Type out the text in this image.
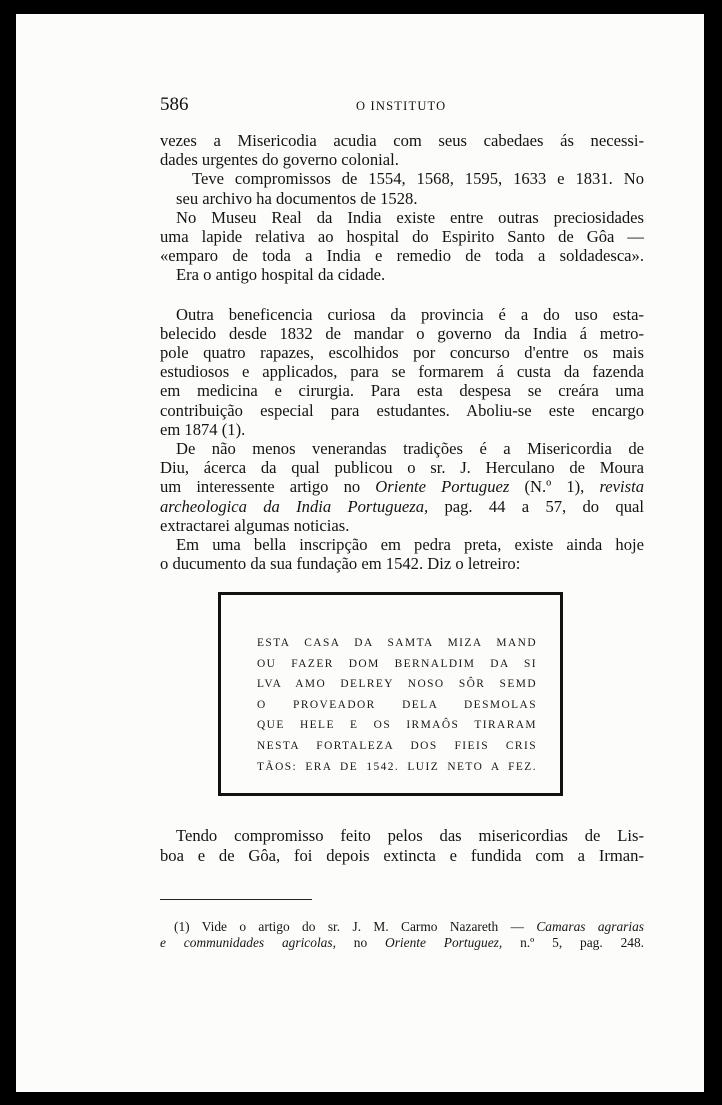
586	O INSTITUTO

vezes a Misericodia acudia com seus cabedaes ás necessi-
dades urgentes do governo colonial.

Teve compromissos de 1554, 1568, 1595, 1633 e 1831. No
seu archivo ha documentos de 1528.

No Museu Real da India existe entre outras preciosidades
uma lapide relativa ao hospital do Espirito Santo de Gôa —
«emparo de toda a India e remedio de toda a soldadesca».
Era o antigo hospital da cidade.

Outra beneficencia curiosa da provincia é a do uso esta-
belecido desde 1832 de mandar o governo da India á metro-
pole quatro rapazes, escolhidos por concurso d'entre os mais
estudiosos e applicados, para se formarem á custa da fazenda
em medicina e cirurgia. Para esta despesa se creára uma
contribuição especial para estudantes. Aboliu-se este encargo
em 1874 (1).

De não menos venerandas tradições é a Misericordia de
Diu, ácerca da qual publicou o sr. J. Herculano de Moura
um interessente artigo no Oriente Portuguez (N.º 1), revista
archeologica da India Portugueza, pag. 44 a 57, do qual
extractarei algumas noticias.

Em uma bella inscripção em pedra preta, existe ainda hoje
o ducumento da sua fundação em 1542. Diz o letreiro:

ESTA CASA DA SAMTA MIZA MAND
OU FAZER DOM BERNALDIM DA SI
LVA AMO DELREY NOSO SÔR SEMD
O PROVEADOR DELA DESMOLAS
QUE HELE E OS IRMAÔS TIRARAM
NESTA FORTALEZA DOS FIEIS CRIS
TÃOS: ERA DE 1542. LUIZ NETO A FEZ.
Tendo compromisso feito pelos das misericordias de Lis-
boa e de Gôa, foi depois extincta e fundida com a Irman-
(1) Vide o artigo do sr. J. M. Carmo Nazareth — Camaras agrarias
e communidades agricolas, no Oriente Portuguez, n.º 5, pag. 248.
